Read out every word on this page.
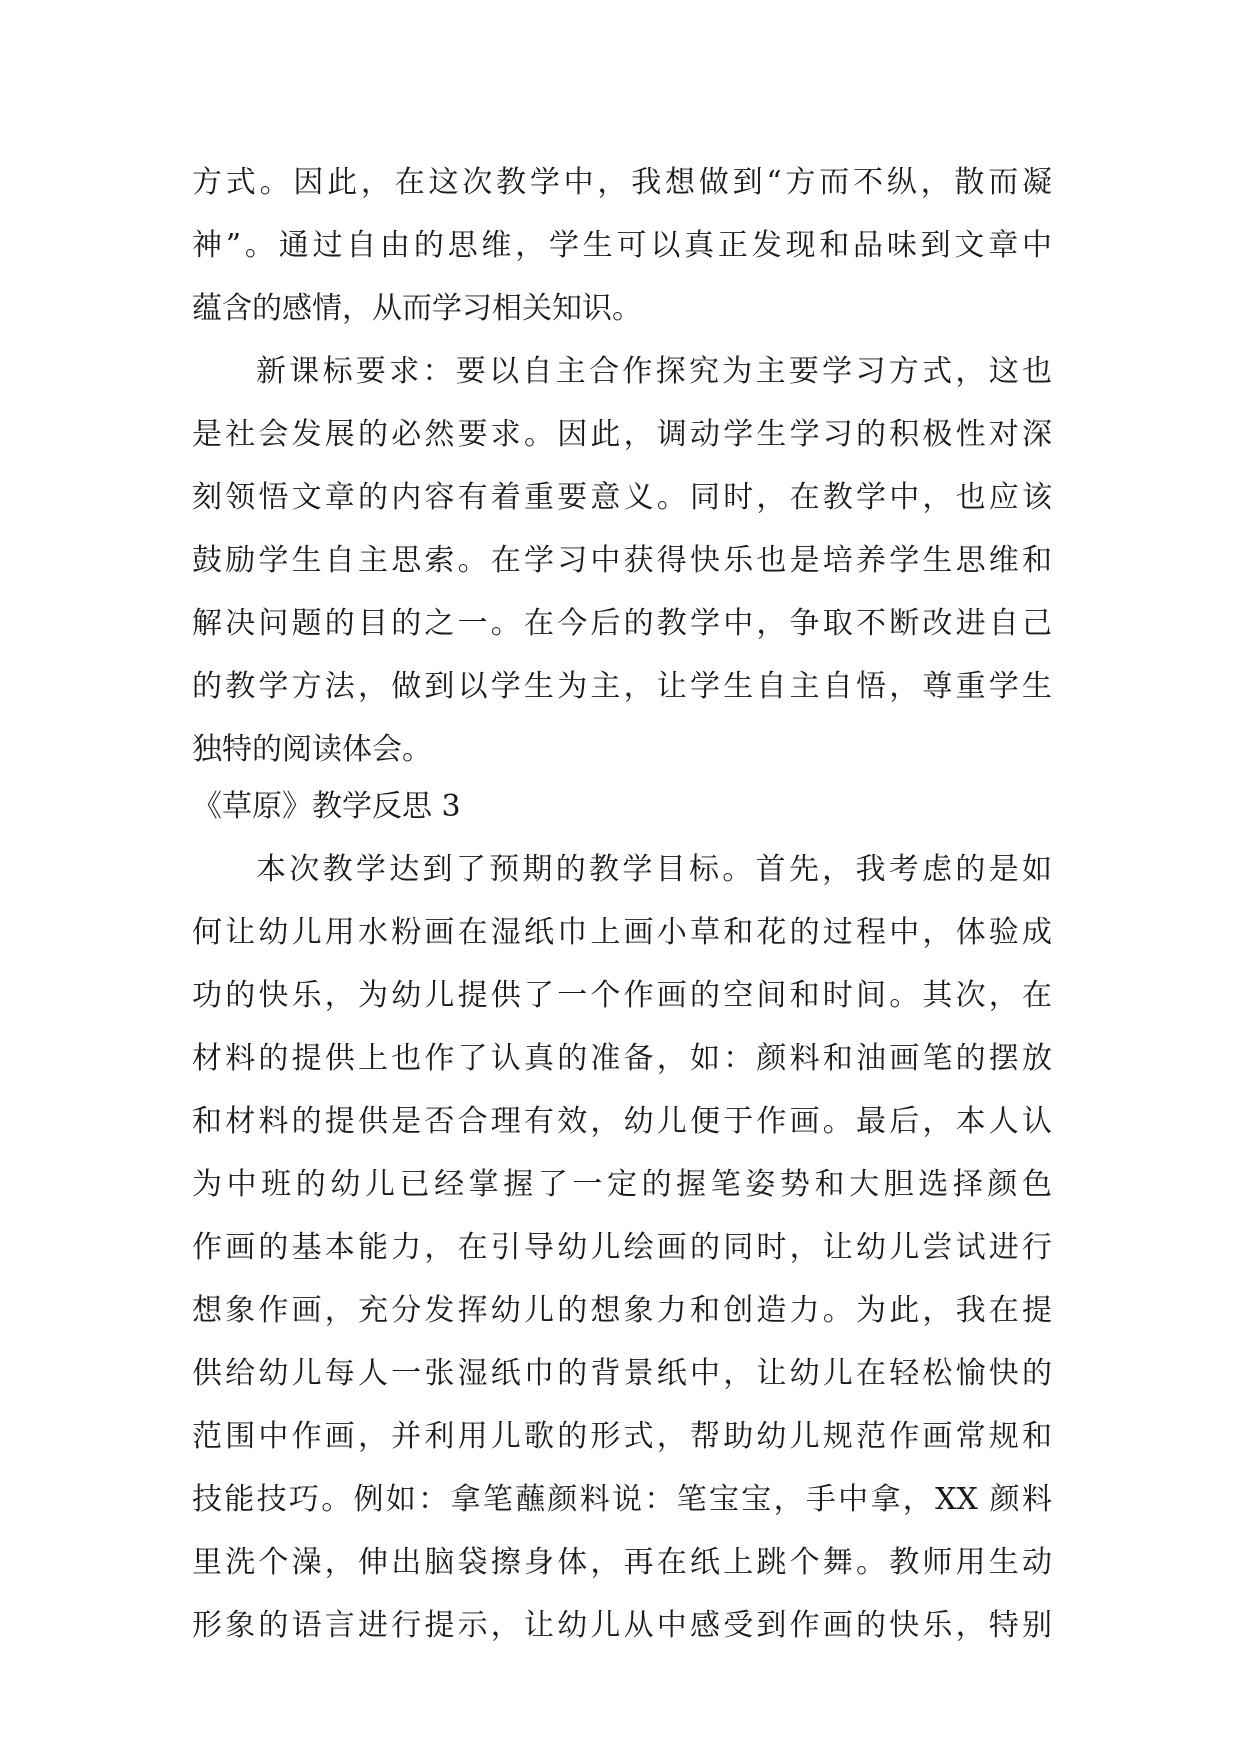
方式。因此，在这次教学中，我想做到“方而不纵，散而凝
神”。通过自由的思维，学生可以真正发现和品味到文章中
蕴含的感情，从而学习相关知识。
新课标要求：要以自主合作探究为主要学习方式，这也
是社会发展的必然要求。因此，调动学生学习的积极性对深
刻领悟文章的内容有着重要意义。同时，在教学中，也应该
鼓励学生自主思索。在学习中获得快乐也是培养学生思维和
解决问题的目的之一。在今后的教学中，争取不断改进自己
的教学方法，做到以学生为主，让学生自主自悟，尊重学生
独特的阅读体会。
《草原》教学反思 3
本次教学达到了预期的教学目标。首先，我考虑的是如
何让幼儿用水粉画在湿纸巾上画小草和花的过程中，体验成
功的快乐，为幼儿提供了一个作画的空间和时间。其次，在
材料的提供上也作了认真的准备，如：颜料和油画笔的摆放
和材料的提供是否合理有效，幼儿便于作画。最后，本人认
为中班的幼儿已经掌握了一定的握笔姿势和大胆选择颜色
作画的基本能力，在引导幼儿绘画的同时，让幼儿尝试进行
想象作画，充分发挥幼儿的想象力和创造力。为此，我在提
供给幼儿每人一张湿纸巾的背景纸中，让幼儿在轻松愉快的
范围中作画，并利用儿歌的形式，帮助幼儿规范作画常规和
技能技巧。例如：拿笔蘸颜料说：笔宝宝，手中拿，XX 颜料
里洗个澡，伸出脑袋擦身体，再在纸上跳个舞。教师用生动
形象的语言进行提示，让幼儿从中感受到作画的快乐，特别
